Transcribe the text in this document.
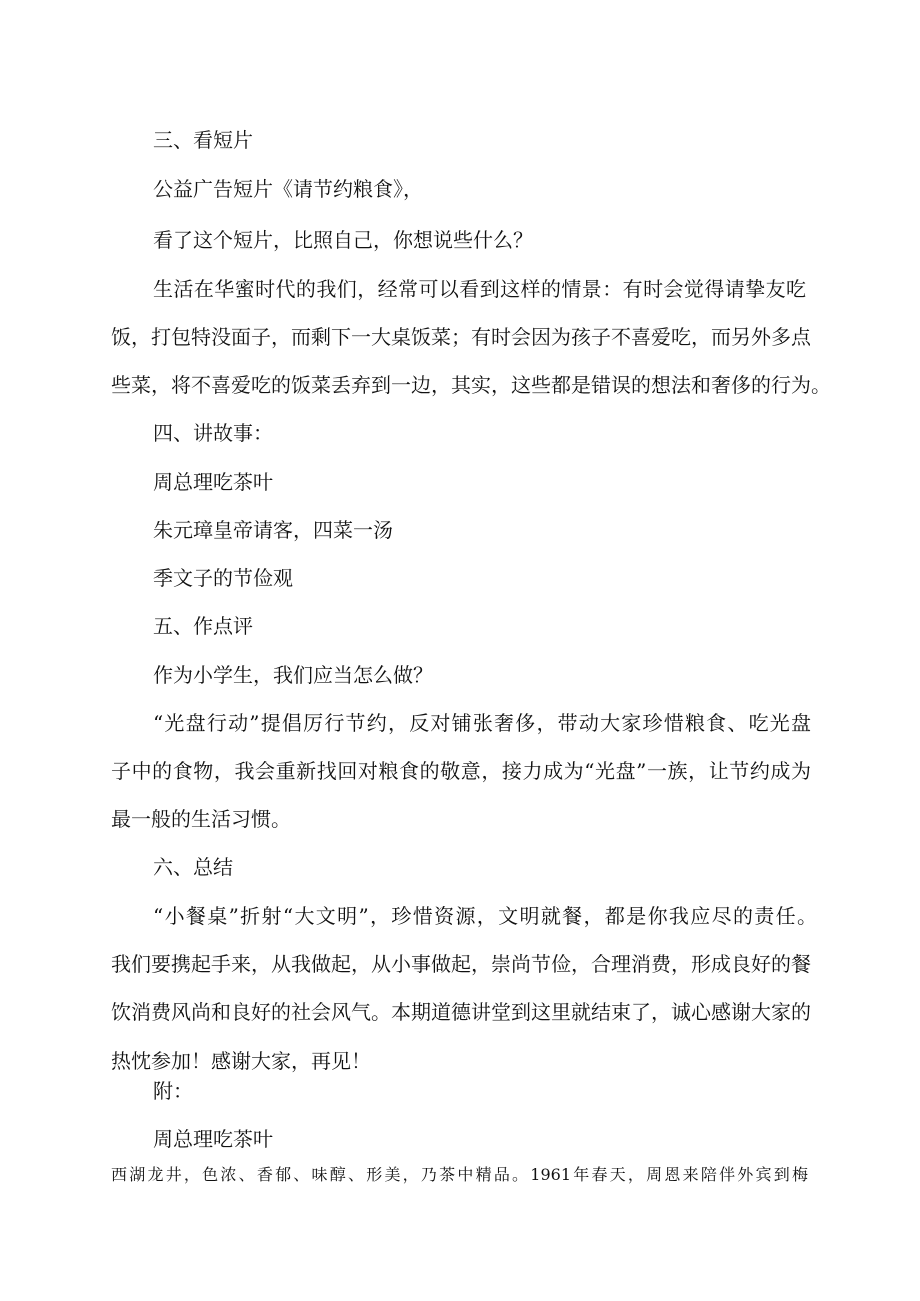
三、看短片
公益广告短片《请节约粮食》，
看了这个短片，比照自己，你想说些什么？
生活在华蜜时代的我们，经常可以看到这样的情景：有时会觉得请挚友吃
饭，打包特没面子，而剩下一大桌饭菜；有时会因为孩子不喜爱吃，而另外多点
些菜，将不喜爱吃的饭菜丢弃到一边，其实，这些都是错误的想法和奢侈的行为。
四、讲故事：
周总理吃茶叶
朱元璋皇帝请客，四菜一汤
季文子的节俭观
五、作点评
作为小学生，我们应当怎么做？
“光盘行动”提倡厉行节约，反对铺张奢侈，带动大家珍惜粮食、吃光盘
子中的食物，我会重新找回对粮食的敬意，接力成为“光盘”一族，让节约成为
最一般的生活习惯。
六、总结
“小餐桌”折射“大文明”，珍惜资源，文明就餐，都是你我应尽的责任。
我们要携起手来，从我做起，从小事做起，崇尚节俭，合理消费，形成良好的餐
饮消费风尚和良好的社会风气。本期道德讲堂到这里就结束了，诚心感谢大家的
热忱参加！感谢大家，再见！
附：
周总理吃茶叶
西湖龙井，色浓、香郁、味醇、形美，乃茶中精品。1961年春天，周恩来陪伴外宾到梅
